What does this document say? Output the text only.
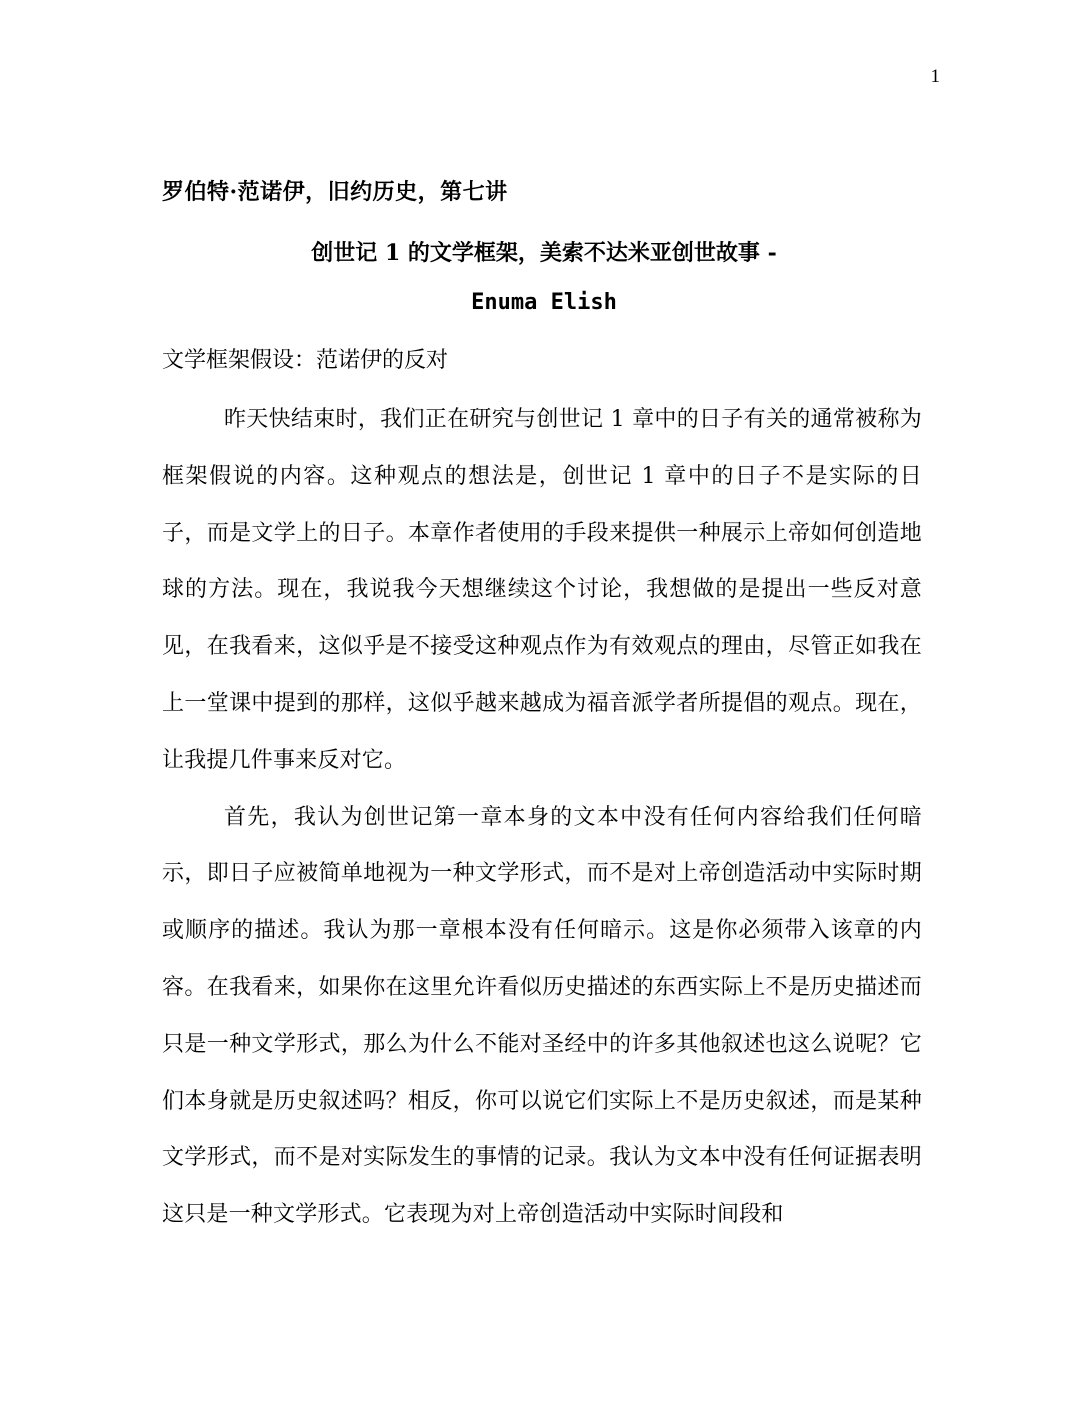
1
罗伯特·范诺伊，旧约历史，第七讲
创世记 1 的文学框架，美索不达米亚创世故事 -
Enuma Elish
文学框架假设：范诺伊的反对

昨天快结束时，我们正在研究与创世记 1 章中的日子有关的通常被称为框架假说的内容。这种观点的想法是，创世记 1 章中的日子不是实际的日子，而是文学上的日子。本章作者使用的手段来提供一种展示上帝如何创造地球的方法。现在，我说我今天想继续这个讨论，我想做的是提出一些反对意见，在我看来，这似乎是不接受这种观点作为有效观点的理由，尽管正如我在上一堂课中提到的那样，这似乎越来越成为福音派学者所提倡的观点。现在，让我提几件事来反对它。

首先，我认为创世记第一章本身的文本中没有任何内容给我们任何暗示，即日子应被简单地视为一种文学形式，而不是对上帝创造活动中实际时期或顺序的描述。我认为那一章根本没有任何暗示。这是你必须带入该章的内容。在我看来，如果你在这里允许看似历史描述的东西实际上不是历史描述而只是一种文学形式，那么为什么不能对圣经中的许多其他叙述也这么说呢？它们本身就是历史叙述吗？相反，你可以说它们实际上不是历史叙述，而是某种文学形式，而不是对实际发生的事情的记录。我认为文本中没有任何证据表明这只是一种文学形式。它表现为对上帝创造活动中实际时间段和
